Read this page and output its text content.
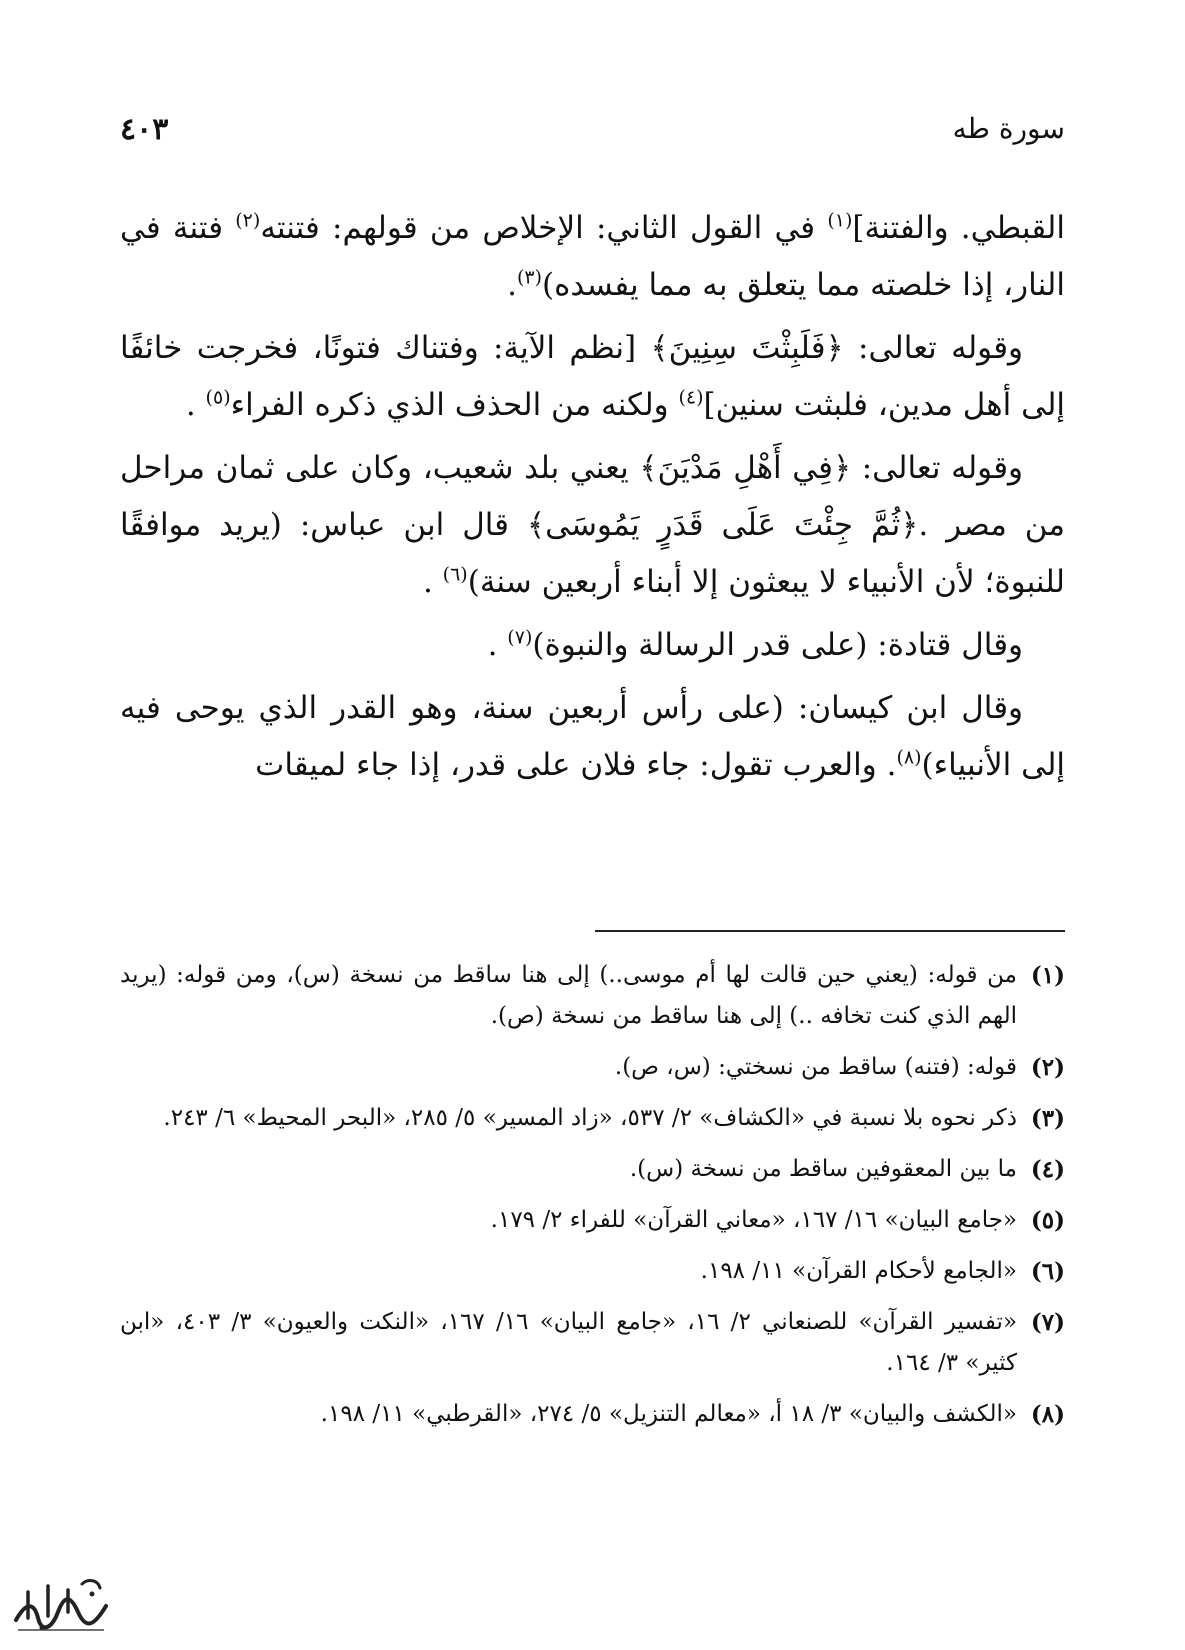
سورة طه
٤٠٣

القبطي. والفتنة]$^{(١)}$ في القول الثاني: الإخلاص من قولهم: فتنته$^{(٢)}$ فتنة في النار، إذا خلصته مما يتعلق به مما يفسده)$^{(٣)}$.

وقوله تعالى: ﴿فَلَبِثْتَ سِنِينَ﴾ [نظم الآية: وفتناك فتونًا، فخرجت خائفًا إلى أهل مدين، فلبثت سنين]$^{(٤)}$ ولكنه من الحذف الذي ذكره الفراء$^{(٥)}$ .

وقوله تعالى: ﴿فِي أَهْلِ مَدْيَنَ﴾ يعني بلد شعيب، وكان على ثمان مراحل من مصر .﴿ثُمَّ جِئْتَ عَلَى قَدَرٍ يَمُوسَى﴾ قال ابن عباس: (يريد موافقًا للنبوة؛ لأن الأنبياء لا يبعثون إلا أبناء أربعين سنة)$^{(٦)}$ .

وقال قتادة: (على قدر الرسالة والنبوة)$^{(٧)}$ .

وقال ابن كيسان: (على رأس أربعين سنة، وهو القدر الذي يوحى فيه إلى الأنبياء)$^{(٨)}$. والعرب تقول: جاء فلان على قدر، إذا جاء لميقات

(١)
من قوله: (يعني حين قالت لها أم موسى..) إلى هنا ساقط من نسخة (س)، ومن قوله: (يريد الهم الذي كنت تخافه ..) إلى هنا ساقط من نسخة (ص).
(٢)
قوله: (فتنه) ساقط من نسختي: (س، ص).
(٣)
ذكر نحوه بلا نسبة في «الكشاف» ٢/ ٥٣٧، «زاد المسير» ٥/ ٢٨٥، «البحر المحيط» ٦/ ٢٤٣.
(٤)
ما بين المعقوفين ساقط من نسخة (س).
(٥)
«جامع البيان» ١٦/ ١٦٧، «معاني القرآن» للفراء ٢/ ١٧٩.
(٦)
«الجامع لأحكام القرآن» ١١/ ١٩٨.
(٧)
«تفسير القرآن» للصنعاني ٢/ ١٦، «جامع البيان» ١٦/ ١٦٧، «النكت والعيون» ٣/ ٤٠٣، «ابن كثير» ٣/ ١٦٤.
(٨)
«الكشف والبيان» ٣/ ١٨ أ، «معالم التنزيل» ٥/ ٢٧٤، «القرطبي» ١١/ ١٩٨.
